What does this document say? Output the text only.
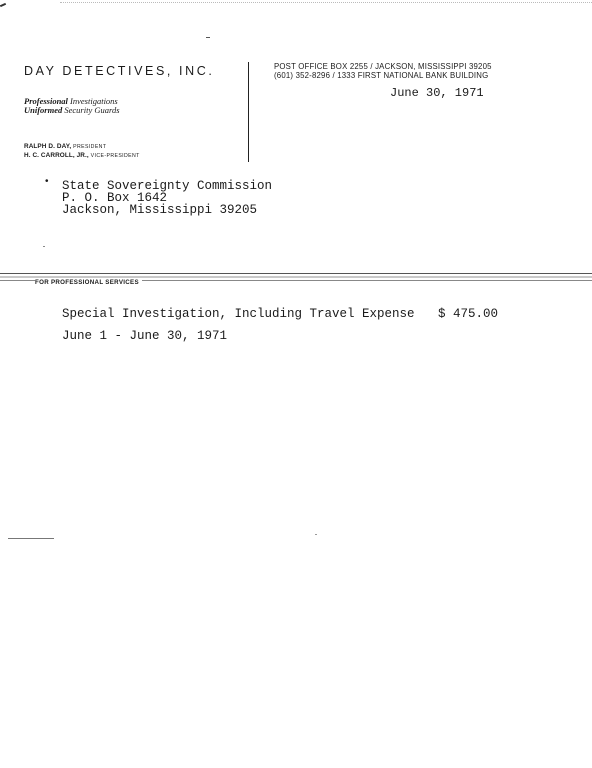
DAY DETECTIVES, INC.
Professional Investigations
Uniformed Security Guards
RALPH D. DAY, PRESIDENT
H. C. CARROLL, JR., VICE-PRESIDENT
POST OFFICE BOX 2255 / JACKSON, MISSISSIPPI 39205
(601) 352-8296 / 1333 FIRST NATIONAL BANK BUILDING
June 30, 1971
• State Sovereignty Commission
P. O. Box 1642
Jackson, Mississippi 39205
FOR PROFESSIONAL SERVICES
Special Investigation, Including Travel Expense $ 475.00
June 1 - June 30, 1971
